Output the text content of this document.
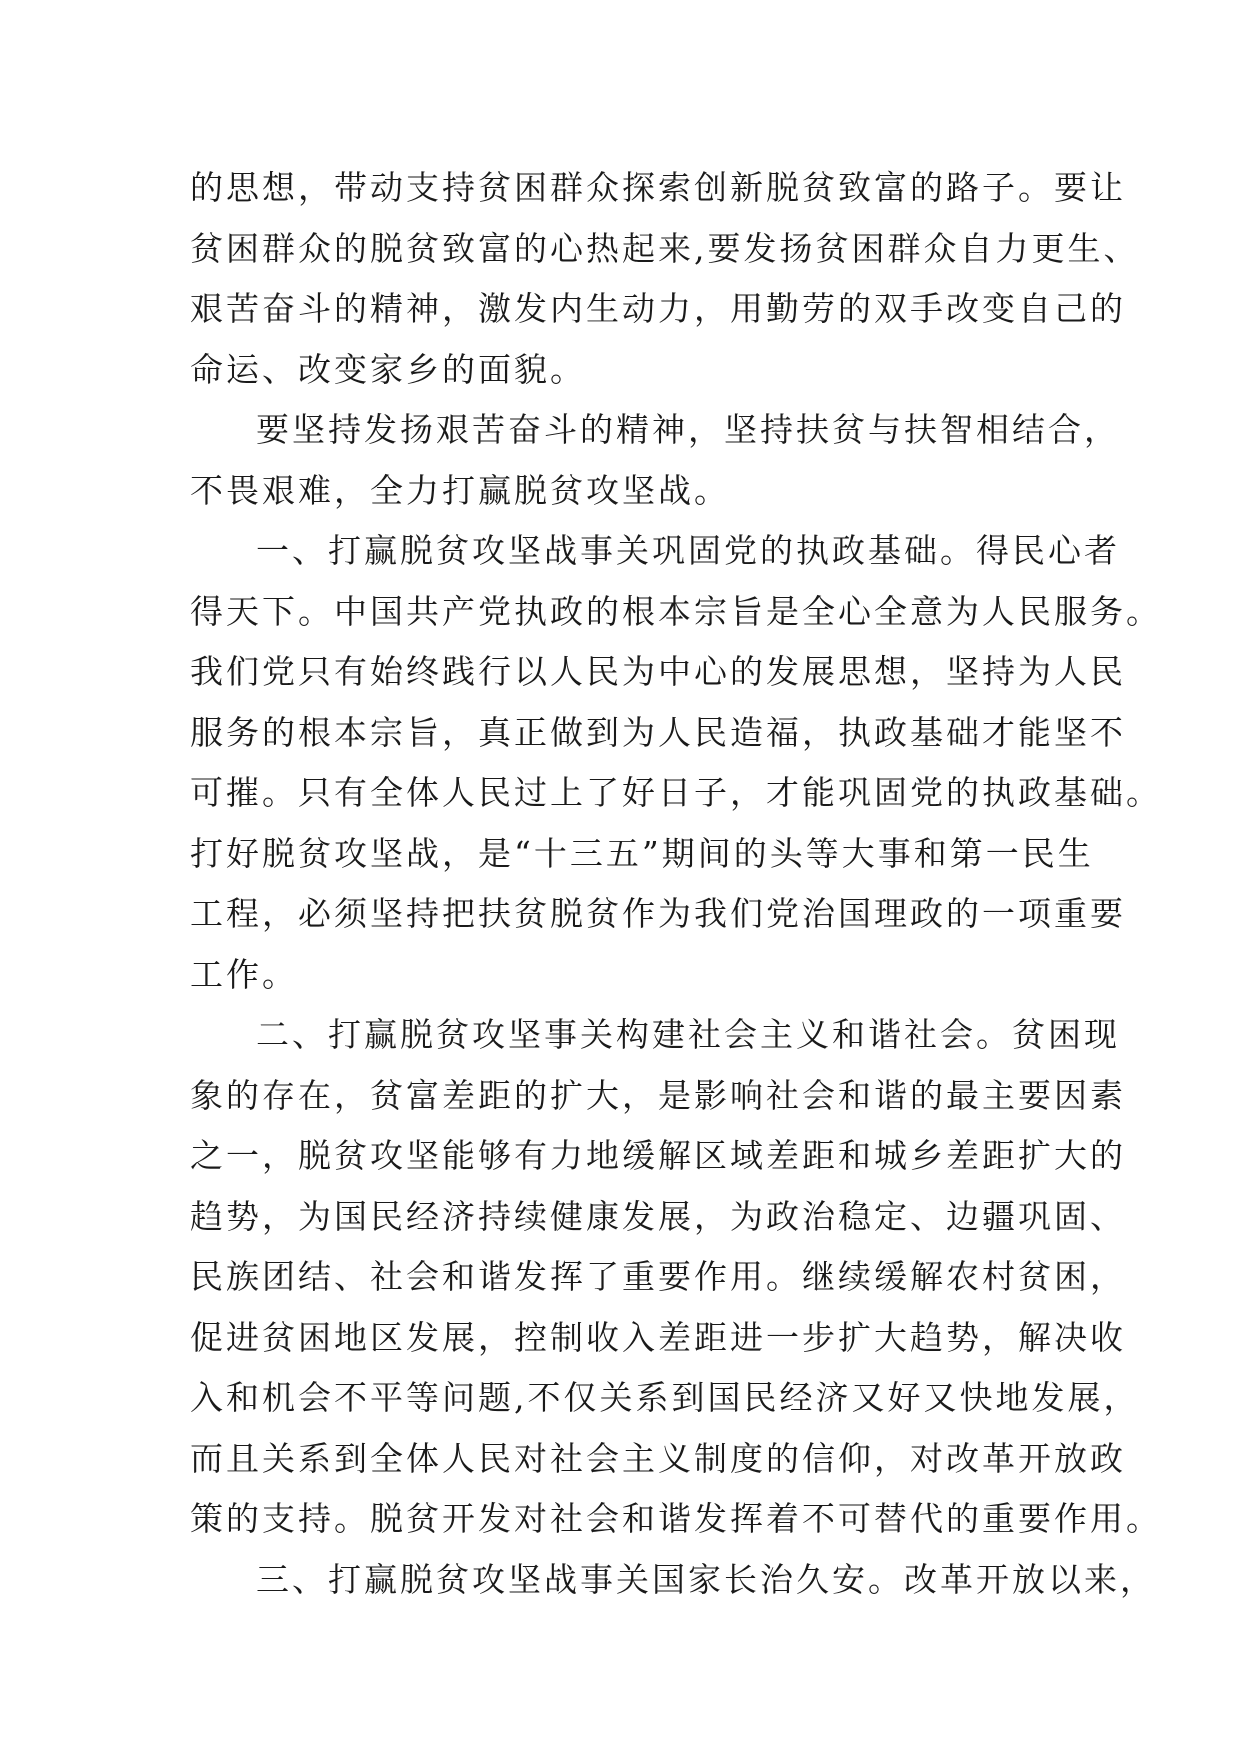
的思想，带动支持贫困群众探索创新脱贫致富的路子。要让
贫困群众的脱贫致富的心热起来,要发扬贫困群众自力更生、
艰苦奋斗的精神，激发内生动力，用勤劳的双手改变自己的
命运、改变家乡的面貌。
要坚持发扬艰苦奋斗的精神，坚持扶贫与扶智相结合，
不畏艰难，全力打赢脱贫攻坚战。
一、打赢脱贫攻坚战事关巩固党的执政基础。得民心者
得天下。中国共产党执政的根本宗旨是全心全意为人民服务。
我们党只有始终践行以人民为中心的发展思想，坚持为人民
服务的根本宗旨，真正做到为人民造福，执政基础才能坚不
可摧。只有全体人民过上了好日子，才能巩固党的执政基础。
打好脱贫攻坚战，是“十三五”期间的头等大事和第一民生
工程，必须坚持把扶贫脱贫作为我们党治国理政的一项重要
工作。
二、打赢脱贫攻坚事关构建社会主义和谐社会。贫困现
象的存在，贫富差距的扩大，是影响社会和谐的最主要因素
之一，脱贫攻坚能够有力地缓解区域差距和城乡差距扩大的
趋势，为国民经济持续健康发展，为政治稳定、边疆巩固、
民族团结、社会和谐发挥了重要作用。继续缓解农村贫困，
促进贫困地区发展，控制收入差距进一步扩大趋势，解决收
入和机会不平等问题,不仅关系到国民经济又好又快地发展，
而且关系到全体人民对社会主义制度的信仰，对改革开放政
策的支持。脱贫开发对社会和谐发挥着不可替代的重要作用。
三、打赢脱贫攻坚战事关国家长治久安。改革开放以来，
